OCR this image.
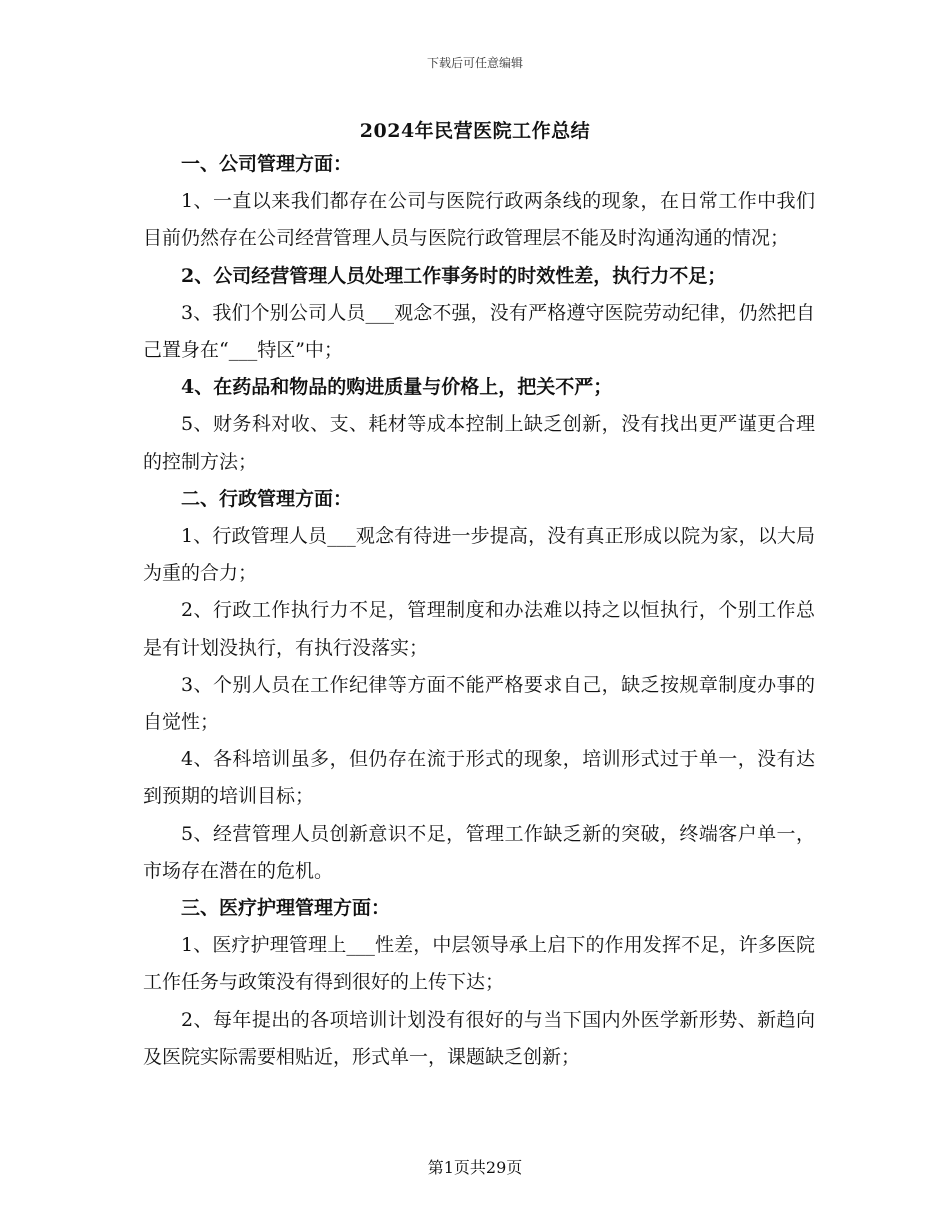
下载后可任意编辑
2024年民营医院工作总结

一、公司管理方面：

1、一直以来我们都存在公司与医院行政两条线的现象，在日常工作中我们目前仍然存在公司经营管理人员与医院行政管理层不能及时沟通沟通的情况；

2、公司经营管理人员处理工作事务时的时效性差，执行力不足；

3、我们个别公司人员___观念不强，没有严格遵守医院劳动纪律，仍然把自己置身在“___特区”中；

4、在药品和物品的购进质量与价格上，把关不严；

5、财务科对收、支、耗材等成本控制上缺乏创新，没有找出更严谨更合理的控制方法；

二、行政管理方面：

1、行政管理人员___观念有待进一步提高，没有真正形成以院为家，以大局为重的合力；

2、行政工作执行力不足，管理制度和办法难以持之以恒执行，个别工作总是有计划没执行，有执行没落实；

3、个别人员在工作纪律等方面不能严格要求自己，缺乏按规章制度办事的自觉性；

4、各科培训虽多，但仍存在流于形式的现象，培训形式过于单一，没有达到预期的培训目标；

5、经营管理人员创新意识不足，管理工作缺乏新的突破，终端客户单一，市场存在潜在的危机。

三、医疗护理管理方面：

1、医疗护理管理上___性差，中层领导承上启下的作用发挥不足，许多医院工作任务与政策没有得到很好的上传下达；

2、每年提出的各项培训计划没有很好的与当下国内外医学新形势、新趋向及医院实际需要相贴近，形式单一，课题缺乏创新；

第1页共29页
